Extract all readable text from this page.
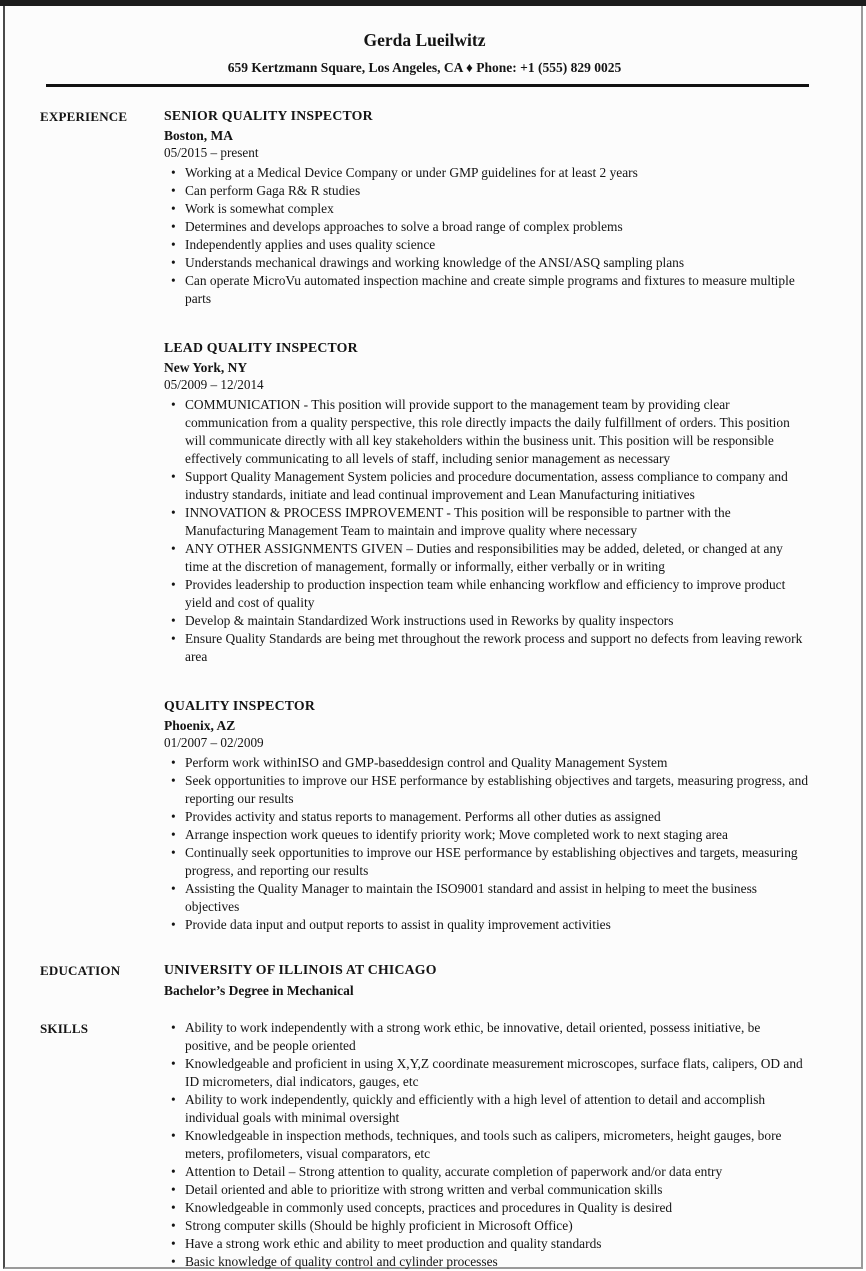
Gerda Lueilwitz
659 Kertzmann Square, Los Angeles, CA ♦ Phone: +1 (555) 829 0025
EXPERIENCE	SENIOR QUALITY INSPECTOR
Boston, MA
05/2015 – present
• Working at a Medical Device Company or under GMP guidelines for at least 2 years
• Can perform Gaga R& R studies
• Work is somewhat complex
• Determines and develops approaches to solve a broad range of complex problems
• Independently applies and uses quality science
• Understands mechanical drawings and working knowledge of the ANSI/ASQ sampling plans
• Can operate MicroVu automated inspection machine and create simple programs and fixtures to measure multiple parts
LEAD QUALITY INSPECTOR
New York, NY
05/2009 – 12/2014
• COMMUNICATION - This position will provide support to the management team by providing clear communication from a quality perspective, this role directly impacts the daily fulfillment of orders. This position will communicate directly with all key stakeholders within the business unit. This position will be responsible effectively communicating to all levels of staff, including senior management as necessary
• Support Quality Management System policies and procedure documentation, assess compliance to company and industry standards, initiate and lead continual improvement and Lean Manufacturing initiatives
• INNOVATION & PROCESS IMPROVEMENT - This position will be responsible to partner with the Manufacturing Management Team to maintain and improve quality where necessary
• ANY OTHER ASSIGNMENTS GIVEN – Duties and responsibilities may be added, deleted, or changed at any time at the discretion of management, formally or informally, either verbally or in writing
• Provides leadership to production inspection team while enhancing workflow and efficiency to improve product yield and cost of quality
• Develop & maintain Standardized Work instructions used in Reworks by quality inspectors
• Ensure Quality Standards are being met throughout the rework process and support no defects from leaving rework area
QUALITY INSPECTOR
Phoenix, AZ
01/2007 – 02/2009
• Perform work withinISO and GMP-baseddesign control and Quality Management System
• Seek opportunities to improve our HSE performance by establishing objectives and targets, measuring progress, and reporting our results
• Provides activity and status reports to management. Performs all other duties as assigned
• Arrange inspection work queues to identify priority work; Move completed work to next staging area
• Continually seek opportunities to improve our HSE performance by establishing objectives and targets, measuring progress, and reporting our results
• Assisting the Quality Manager to maintain the ISO9001 standard and assist in helping to meet the business objectives
• Provide data input and output reports to assist in quality improvement activities
EDUCATION	UNIVERSITY OF ILLINOIS AT CHICAGO
Bachelor’s Degree in Mechanical
SKILLS	• Ability to work independently with a strong work ethic, be innovative, detail oriented, possess initiative, be positive, and be people oriented
• Knowledgeable and proficient in using X,Y,Z coordinate measurement microscopes, surface flats, calipers, OD and ID micrometers, dial indicators, gauges, etc
• Ability to work independently, quickly and efficiently with a high level of attention to detail and accomplish individual goals with minimal oversight
• Knowledgeable in inspection methods, techniques, and tools such as calipers, micrometers, height gauges, bore meters, profilometers, visual comparators, etc
• Attention to Detail – Strong attention to quality, accurate completion of paperwork and/or data entry
• Detail oriented and able to prioritize with strong written and verbal communication skills
• Knowledgeable in commonly used concepts, practices and procedures in Quality is desired
• Strong computer skills (Should be highly proficient in Microsoft Office)
• Have a strong work ethic and ability to meet production and quality standards
• Basic knowledge of quality control and cylinder processes
